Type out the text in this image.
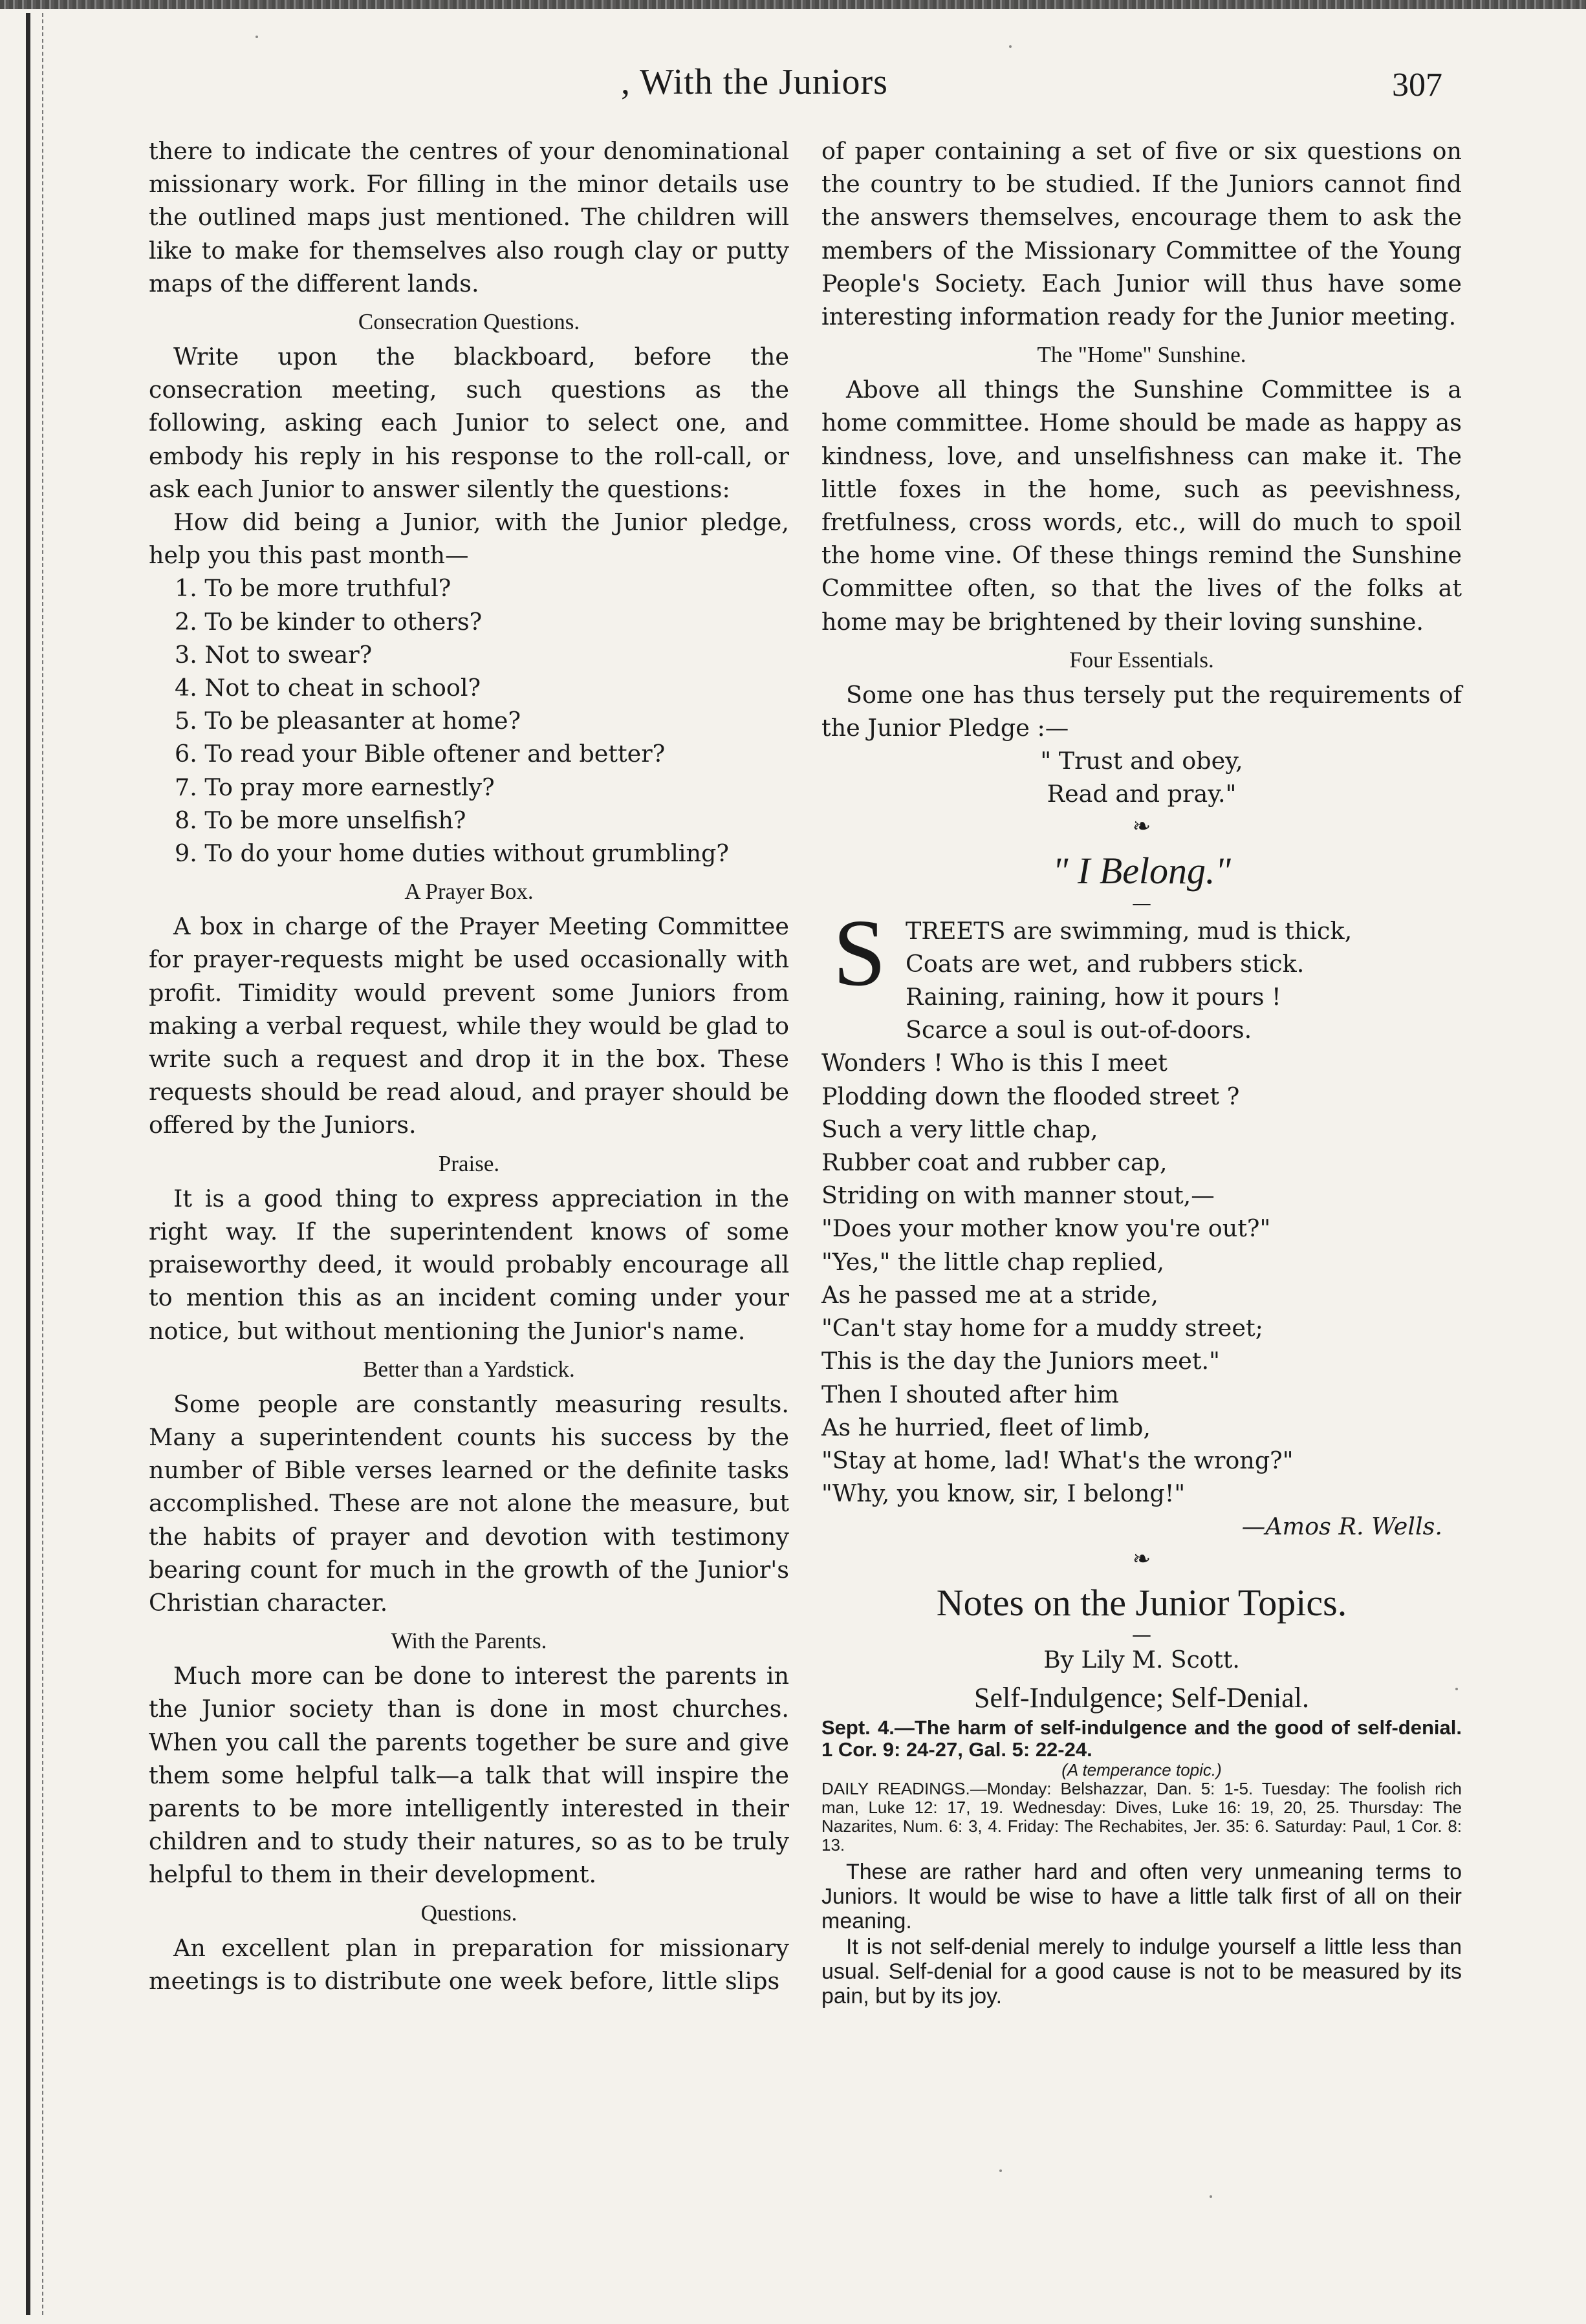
, With the Juniors	307

there to indicate the centres of your denominational missionary work. For filling in the minor details use the outlined maps just mentioned. The children will like to make for themselves also rough clay or putty maps of the different lands.

Consecration Questions.

Write upon the blackboard, before the consecration meeting, such questions as the following, asking each Junior to select one, and embody his reply in his response to the roll-call, or ask each Junior to answer silently the questions:

How did being a Junior, with the Junior pledge, help you this past month—

1. To be more truthful?
2. To be kinder to others?
3. Not to swear?
4. Not to cheat in school?
5. To be pleasanter at home?
6. To read your Bible oftener and better?
7. To pray more earnestly?
8. To be more unselfish?
9. To do your home duties without grumbling?
A Prayer Box.

A box in charge of the Prayer Meeting Committee for prayer-requests might be used occasionally with profit. Timidity would prevent some Juniors from making a verbal request, while they would be glad to write such a request and drop it in the box. These requests should be read aloud, and prayer should be offered by the Juniors.

Praise.

It is a good thing to express appreciation in the right way. If the superintendent knows of some praiseworthy deed, it would probably encourage all to mention this as an incident coming under your notice, but without mentioning the Junior's name.

Better than a Yardstick.

Some people are constantly measuring results. Many a superintendent counts his success by the number of Bible verses learned or the definite tasks accomplished. These are not alone the measure, but the habits of prayer and devotion with testimony bearing count for much in the growth of the Junior's Christian character.

With the Parents.

Much more can be done to interest the parents in the Junior society than is done in most churches. When you call the parents together be sure and give them some helpful talk—a talk that will inspire the parents to be more intelligently interested in their children and to study their natures, so as to be truly helpful to them in their development.

Questions.

An excellent plan in preparation for missionary meetings is to distribute one week before, little slips

of paper containing a set of five or six questions on the country to be studied. If the Juniors cannot find the answers themselves, encourage them to ask the members of the Missionary Committee of the Young People's Society. Each Junior will thus have some interesting information ready for the Junior meeting.

The "Home" Sunshine.

Above all things the Sunshine Committee is a home committee. Home should be made as happy as kindness, love, and unselfishness can make it. The little foxes in the home, such as peevishness, fretfulness, cross words, etc., will do much to spoil the home vine. Of these things remind the Sunshine Committee often, so that the lives of the folks at home may be brightened by their loving sunshine.

Four Essentials.

Some one has thus tersely put the requirements of the Junior Pledge :—

" Trust and obey,
Read and pray."
❧
" I Belong."
—
S TREETS are swimming, mud is thick,
Coats are wet, and rubbers stick.
Raining, raining, how it pours !
Scarce a soul is out-of-doors.
Wonders ! Who is this I meet
Plodding down the flooded street ?
Such a very little chap,
Rubber coat and rubber cap,
Striding on with manner stout,—
"Does your mother know you're out?"
"Yes," the little chap replied,
As he passed me at a stride,
"Can't stay home for a muddy street;
This is the day the Juniors meet."
Then I shouted after him
As he hurried, fleet of limb,
"Stay at home, lad! What's the wrong?"
"Why, you know, sir, I belong!"
—Amos R. Wells.
❧
Notes on the Junior Topics.
—
By Lily M. Scott.
Self-Indulgence; Self-Denial.

Sept. 4.—The harm of self-indulgence and the good of self-denial. 1 Cor. 9: 24-27, Gal. 5: 22-24.

(A temperance topic.)

DAILY READINGS.—Monday: Belshazzar, Dan. 5: 1-5. Tuesday: The foolish rich man, Luke 12: 17, 19. Wednesday: Dives, Luke 16: 19, 20, 25. Thursday: The Nazarites, Num. 6: 3, 4. Friday: The Rechabites, Jer. 35: 6. Saturday: Paul, 1 Cor. 8: 13.

These are rather hard and often very unmeaning terms to Juniors. It would be wise to have a little talk first of all on their meaning.

It is not self-denial merely to indulge yourself a little less than usual. Self-denial for a good cause is not to be measured by its pain, but by its joy.
